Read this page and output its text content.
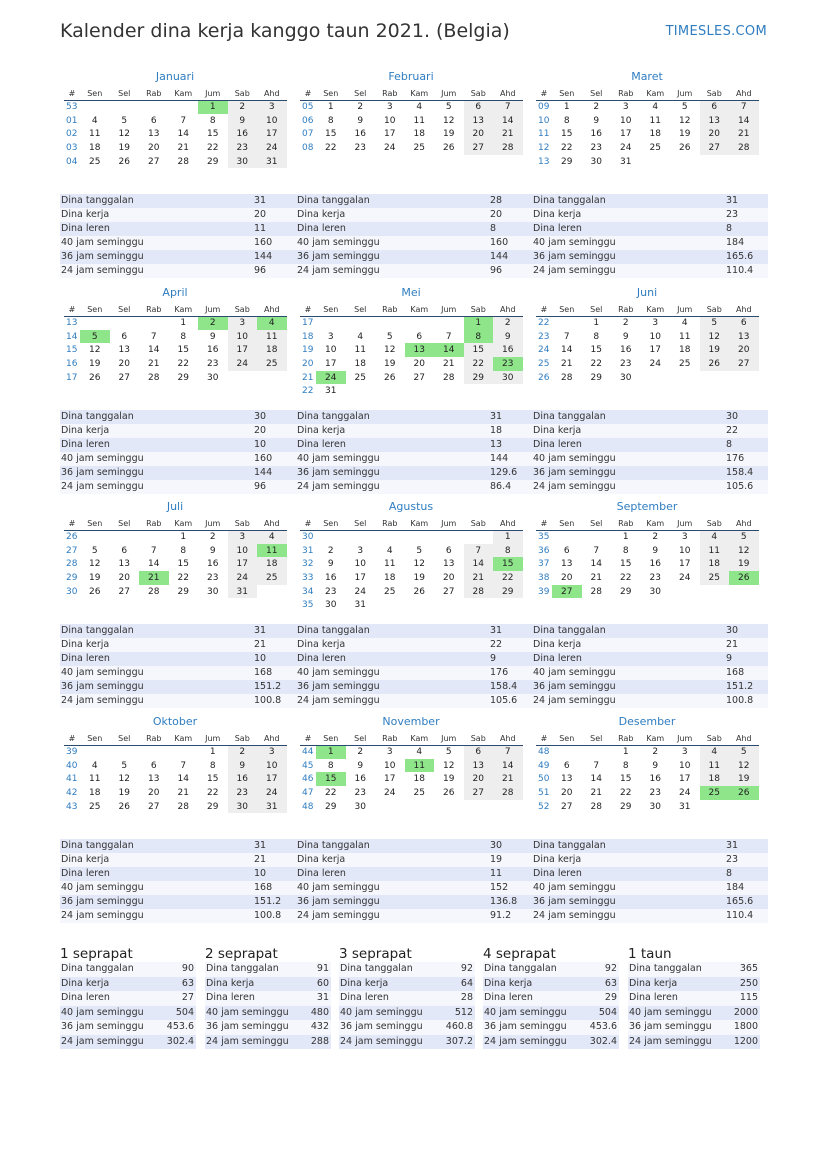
Kalender dina kerja kanggo taun 2021. (Belgia)	TIMESLES.COM
Januari
#	Sen	Sel	Rab	Kam	Jum	Sab	Ahd
53					1	2	3
01	4	5	6	7	8	9	10
02	11	12	13	14	15	16	17
03	18	19	20	21	22	23	24
04	25	26	27	28	29	30	31
Dina tanggalan	31
Dina kerja	20
Dina leren	11
40 jam seminggu	160
36 jam seminggu	144
24 jam seminggu	96
Februari
#	Sen	Sel	Rab	Kam	Jum	Sab	Ahd
05	1	2	3	4	5	6	7
06	8	9	10	11	12	13	14
07	15	16	17	18	19	20	21
08	22	23	24	25	26	27	28
Dina tanggalan	28
Dina kerja	20
Dina leren	8
40 jam seminggu	160
36 jam seminggu	144
24 jam seminggu	96
Maret
#	Sen	Sel	Rab	Kam	Jum	Sab	Ahd
09	1	2	3	4	5	6	7
10	8	9	10	11	12	13	14
11	15	16	17	18	19	20	21
12	22	23	24	25	26	27	28
13	29	30	31				
Dina tanggalan	31
Dina kerja	23
Dina leren	8
40 jam seminggu	184
36 jam seminggu	165.6
24 jam seminggu	110.4
April
#	Sen	Sel	Rab	Kam	Jum	Sab	Ahd
13				1	2	3	4
14	5	6	7	8	9	10	11
15	12	13	14	15	16	17	18
16	19	20	21	22	23	24	25
17	26	27	28	29	30		
Dina tanggalan	30
Dina kerja	20
Dina leren	10
40 jam seminggu	160
36 jam seminggu	144
24 jam seminggu	96
Mei
#	Sen	Sel	Rab	Kam	Jum	Sab	Ahd
17						1	2
18	3	4	5	6	7	8	9
19	10	11	12	13	14	15	16
20	17	18	19	20	21	22	23
21	24	25	26	27	28	29	30
22	31						
Dina tanggalan	31
Dina kerja	18
Dina leren	13
40 jam seminggu	144
36 jam seminggu	129.6
24 jam seminggu	86.4
Juni
#	Sen	Sel	Rab	Kam	Jum	Sab	Ahd
22		1	2	3	4	5	6
23	7	8	9	10	11	12	13
24	14	15	16	17	18	19	20
25	21	22	23	24	25	26	27
26	28	29	30				
Dina tanggalan	30
Dina kerja	22
Dina leren	8
40 jam seminggu	176
36 jam seminggu	158.4
24 jam seminggu	105.6
Juli
#	Sen	Sel	Rab	Kam	Jum	Sab	Ahd
26				1	2	3	4
27	5	6	7	8	9	10	11
28	12	13	14	15	16	17	18
29	19	20	21	22	23	24	25
30	26	27	28	29	30	31	
Dina tanggalan	31
Dina kerja	21
Dina leren	10
40 jam seminggu	168
36 jam seminggu	151.2
24 jam seminggu	100.8
Agustus
#	Sen	Sel	Rab	Kam	Jum	Sab	Ahd
30							1
31	2	3	4	5	6	7	8
32	9	10	11	12	13	14	15
33	16	17	18	19	20	21	22
34	23	24	25	26	27	28	29
35	30	31					
Dina tanggalan	31
Dina kerja	22
Dina leren	9
40 jam seminggu	176
36 jam seminggu	158.4
24 jam seminggu	105.6
September
#	Sen	Sel	Rab	Kam	Jum	Sab	Ahd
35			1	2	3	4	5
36	6	7	8	9	10	11	12
37	13	14	15	16	17	18	19
38	20	21	22	23	24	25	26
39	27	28	29	30			
Dina tanggalan	30
Dina kerja	21
Dina leren	9
40 jam seminggu	168
36 jam seminggu	151.2
24 jam seminggu	100.8
Oktober
#	Sen	Sel	Rab	Kam	Jum	Sab	Ahd
39					1	2	3
40	4	5	6	7	8	9	10
41	11	12	13	14	15	16	17
42	18	19	20	21	22	23	24
43	25	26	27	28	29	30	31
Dina tanggalan	31
Dina kerja	21
Dina leren	10
40 jam seminggu	168
36 jam seminggu	151.2
24 jam seminggu	100.8
November
#	Sen	Sel	Rab	Kam	Jum	Sab	Ahd
44	1	2	3	4	5	6	7
45	8	9	10	11	12	13	14
46	15	16	17	18	19	20	21
47	22	23	24	25	26	27	28
48	29	30					
Dina tanggalan	30
Dina kerja	19
Dina leren	11
40 jam seminggu	152
36 jam seminggu	136.8
24 jam seminggu	91.2
Desember
#	Sen	Sel	Rab	Kam	Jum	Sab	Ahd
48			1	2	3	4	5
49	6	7	8	9	10	11	12
50	13	14	15	16	17	18	19
51	20	21	22	23	24	25	26
52	27	28	29	30	31		
Dina tanggalan	31
Dina kerja	23
Dina leren	8
40 jam seminggu	184
36 jam seminggu	165.6
24 jam seminggu	110.4
1 seprapat
Dina tanggalan	90
Dina kerja	63
Dina leren	27
40 jam seminggu	504
36 jam seminggu	453.6
24 jam seminggu	302.4
2 seprapat
Dina tanggalan	91
Dina kerja	60
Dina leren	31
40 jam seminggu	480
36 jam seminggu	432
24 jam seminggu	288
3 seprapat
Dina tanggalan	92
Dina kerja	64
Dina leren	28
40 jam seminggu	512
36 jam seminggu	460.8
24 jam seminggu	307.2
4 seprapat
Dina tanggalan	92
Dina kerja	63
Dina leren	29
40 jam seminggu	504
36 jam seminggu	453.6
24 jam seminggu	302.4
1 taun
Dina tanggalan	365
Dina kerja	250
Dina leren	115
40 jam seminggu	2000
36 jam seminggu	1800
24 jam seminggu	1200
